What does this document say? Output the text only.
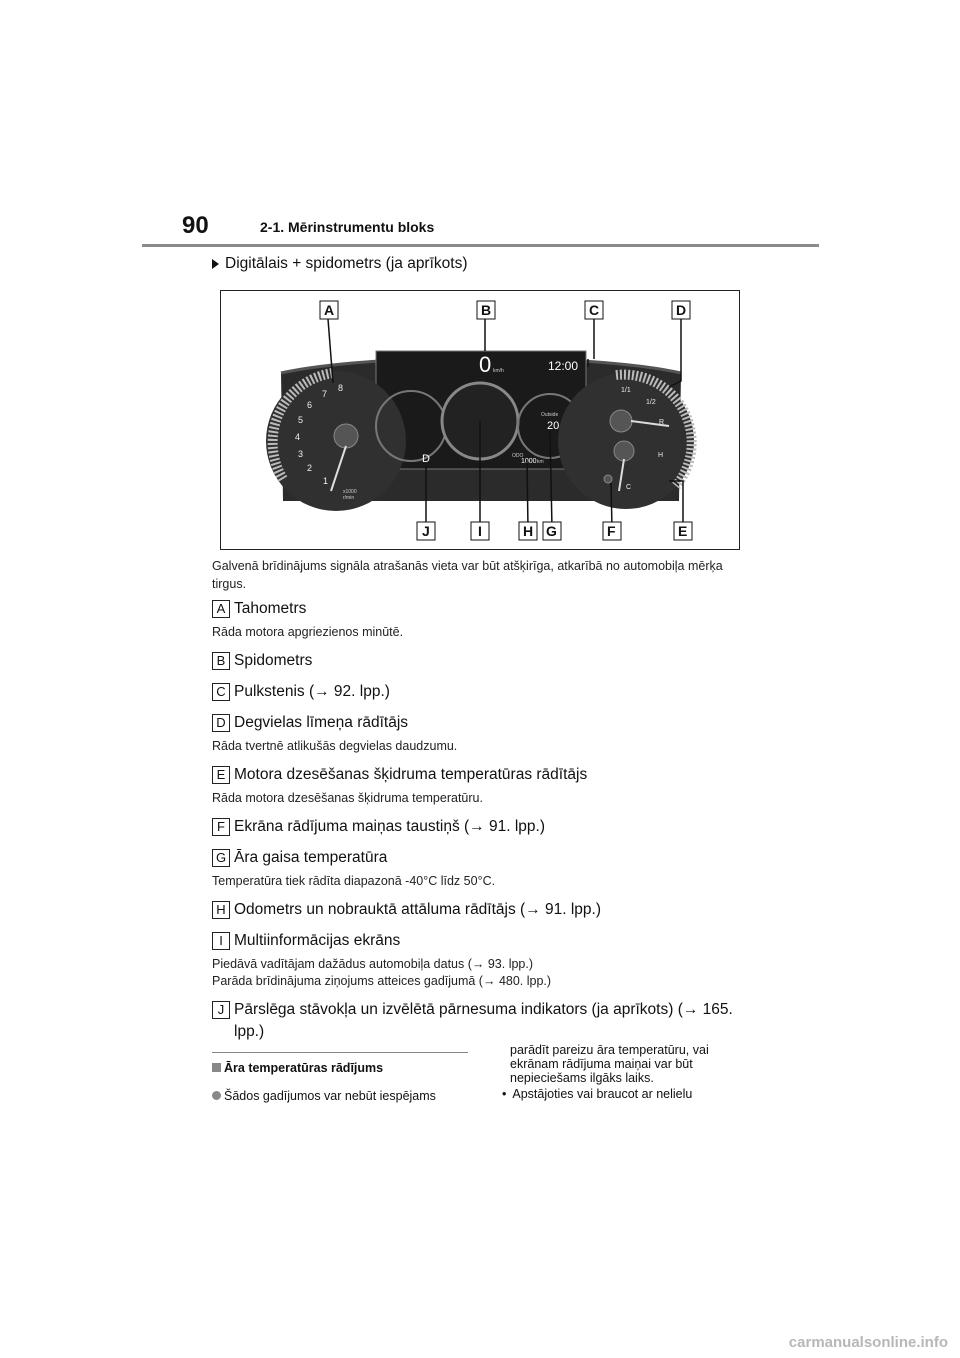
90	2-1. Mērinstrumentu bloks
Digitālais + spidometrs (ja aprīkots)
1
2
3
4
5
6
7
8
x1000
r/min
0 km/h	12:00
Outside
20
D	ODO
1000 km
1/1
1/2
R
H
C
A	B	C	D
J	I	H G	F	E
Galvenā brīdinājums signāla atrašanās vieta var būt atšķirīga, atkarībā no automobiļa mērķa tirgus.
A Tahometrs
Rāda motora apgriezienos minūtē.
B Spidometrs
C Pulkstenis (→ 92. lpp.)
D Degvielas līmeņa rādītājs
Rāda tvertnē atlikušās degvielas daudzumu.
E Motora dzesēšanas šķidruma temperatūras rādītājs
Rāda motora dzesēšanas šķidruma temperatūru.
F Ekrāna rādījuma maiņas taustiņš (→ 91. lpp.)
G Āra gaisa temperatūra
Temperatūra tiek rādīta diapazonā -40°C līdz 50°C.
H Odometrs un nobrauktā attāluma rādītājs (→ 91. lpp.)
I Multiinformācijas ekrāns
Piedāvā vadītājam dažādus automobiļa datus (→ 93. lpp.)
Parāda brīdinājuma ziņojums atteices gadījumā (→ 480. lpp.)
J Pārslēga stāvokļa un izvēlētā pārnesuma indikators (ja aprīkots) (→ 165. lpp.)
Āra temperatūras rādījums
Šādos gadījumos var nebūt iespējams
parādīt pareizu āra temperatūru, vai ekrānam rādījuma maiņai var būt nepieciešams ilgāks laiks.
• Apstājoties vai braucot ar nelielu
carmanualsonline.info
